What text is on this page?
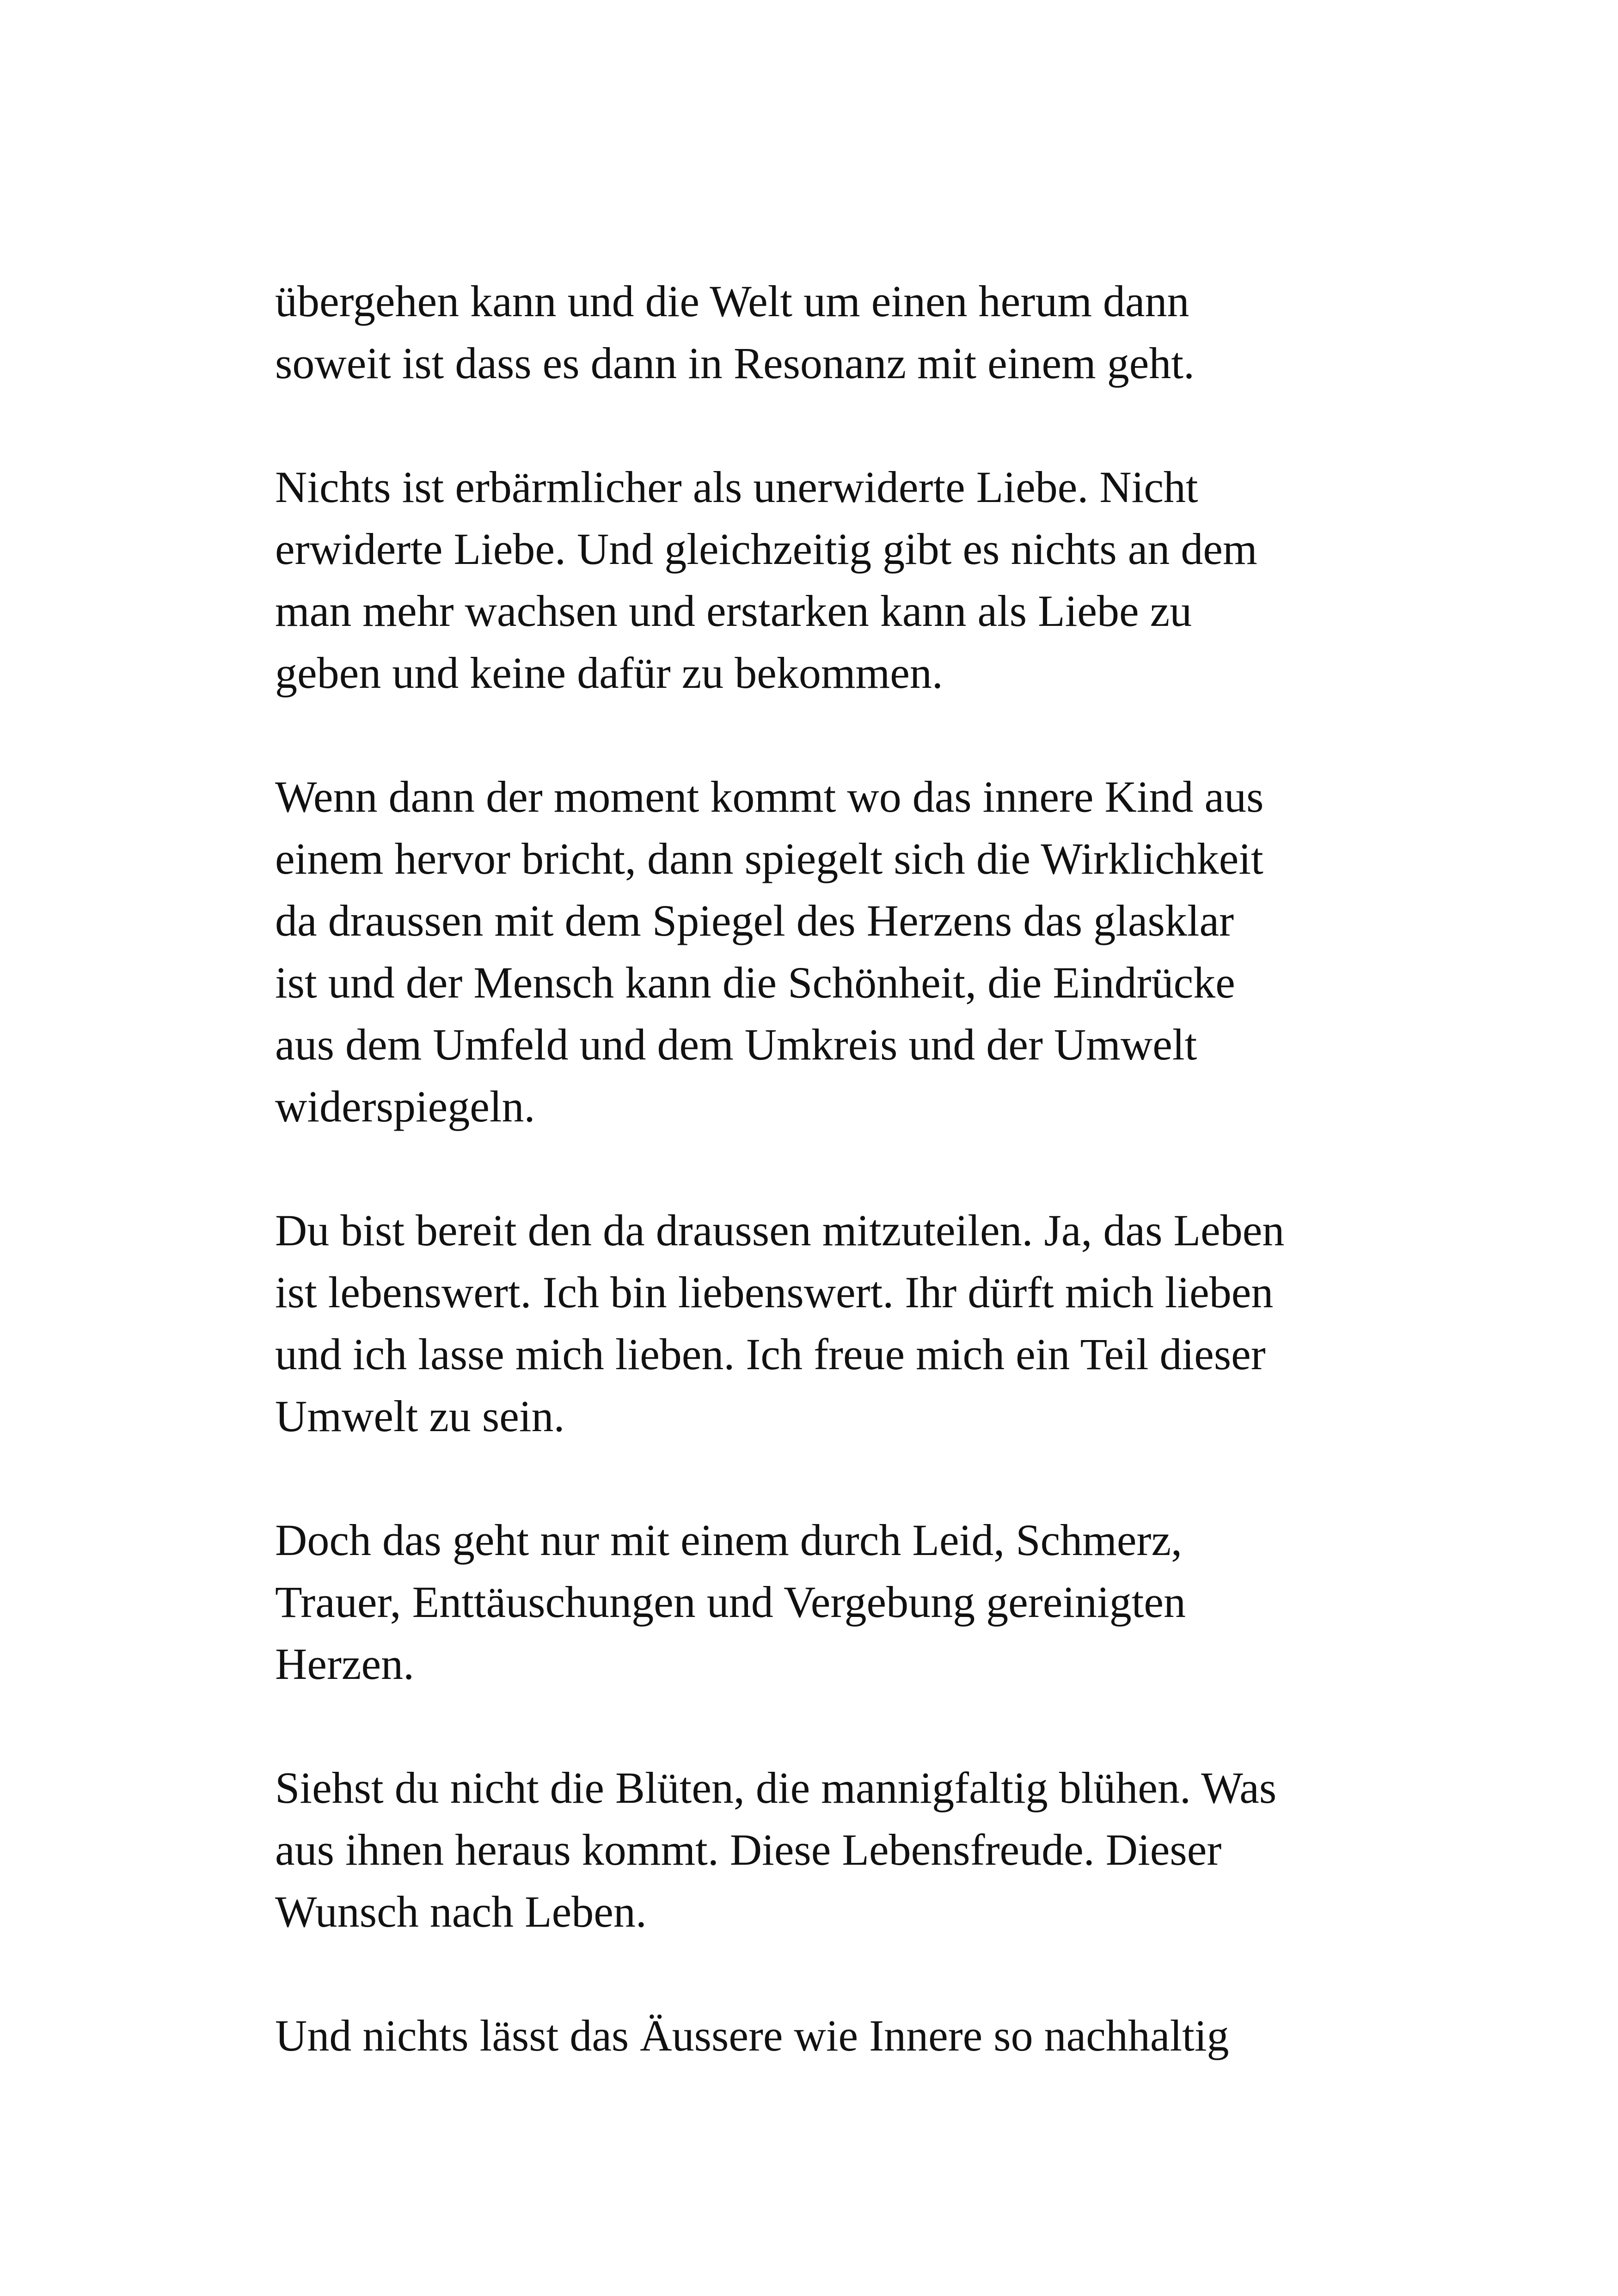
übergehen kann und die Welt um einen herum dann
soweit ist dass es dann in Resonanz mit einem geht.

Nichts ist erbärmlicher als unerwiderte Liebe. Nicht
erwiderte Liebe. Und gleichzeitig gibt es nichts an dem
man mehr wachsen und erstarken kann als Liebe zu
geben und keine dafür zu bekommen.

Wenn dann der moment kommt wo das innere Kind aus
einem hervor bricht, dann spiegelt sich die Wirklichkeit
da draussen mit dem Spiegel des Herzens das glasklar
ist und der Mensch kann die Schönheit, die Eindrücke
aus dem Umfeld und dem Umkreis und der Umwelt
widerspiegeln.

Du bist bereit den da draussen mitzuteilen. Ja, das Leben
ist lebenswert. Ich bin liebenswert. Ihr dürft mich lieben
und ich lasse mich lieben. Ich freue mich ein Teil dieser
Umwelt zu sein.

Doch das geht nur mit einem durch Leid, Schmerz,
Trauer, Enttäuschungen und Vergebung gereinigten
Herzen.

Siehst du nicht die Blüten, die mannigfaltig blühen. Was
aus ihnen heraus kommt. Diese Lebensfreude. Dieser
Wunsch nach Leben.

Und nichts lässt das Äussere wie Innere so nachhaltig
